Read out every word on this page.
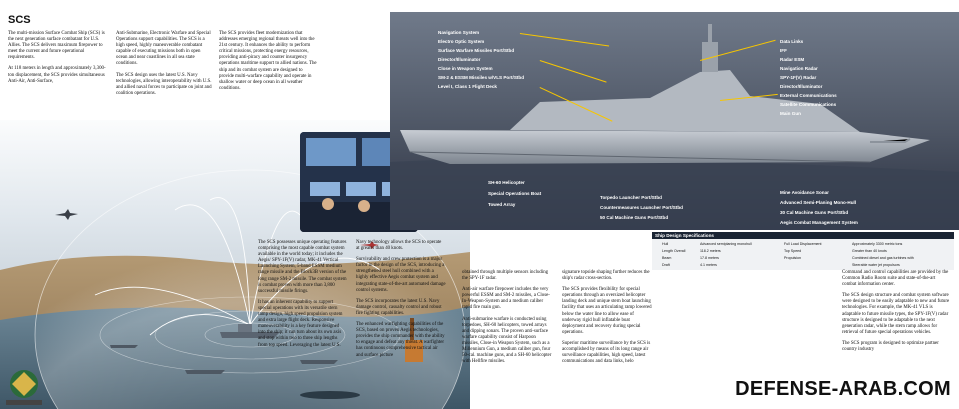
SCS

The multi-mission Surface Combat Ship (SCS) is the next generation surface combatant for U.S. Allies. The SCS delivers maximum firepower to meet the current and future operational requirements.

At 118 meters in length and approximately 3,300-ton displacement, the SCS provides simultaneous Anti-Air, Anti-Surface,

Anti-Submarine, Electronic Warfare and Special Operations support capabilities. The SCS is a high speed, highly maneuverable combatant capable of executing missions both in open ocean and near coastlines in all sea state conditions.

The SCS design uses the latest U.S. Navy technologies, allowing interoperability with U.S. and allied naval forces to participate on joint and coalition operations.

The SCS provides fleet modernization that addresses emerging regional threats well into the 21st century. It enhances the ability to perform critical missions, protecting energy resources, providing anti-piracy and counter insurgency operations maritime support to allied nations. The ship and its combat system are designed to provide multi-warfare capability and operate in shallow water or deep ocean in all weather conditions.

Navigation System
Electro Optic System
Surface Warfare Missiles Port/Stbd
Director/Illuminator
Close in Weapon System
SM-2 & ESSM Missiles w/VLS Port/Stbd
Level I, Class 1 Flight Deck
Data Links
IFF
Radar ESM
Navigation Radar
SPY-1F(V) Radar
Director/Illuminator
External Communications
Satellite Communications
Main Gun
SH-60 Helicopter
Special Operations Boat
Towed Array
Torpedo Launcher Port/Stbd
Countermeasures Launcher Port/Stbd
50 Cal Machine Guns Port/Stbd
Mine Avoidance Sonar
Advanced Semi-Planing Mono-Hull
30 Cal Machine Guns Port/Stbd
Aegis Combat Management System
Ship Design Specifications
Hull	Advanced semiplaning monohull	Full Load Displacement	Approximately 3300 metric tons
Length Overall	118.2 meters	Top Speed	Greater than 40 knots
Beam	17.8 meters	Propulsion	Combined diesel and gas turbines with
Draft	4.1 meters	Steerable water jet propulsors

The SCS possesses unique operating features comprising the most capable combat system available in the world today; it includes the Aegis/ SPY-1F(V) radar, MK-41 Vertical Launching System, 5-band ESSM medium range missile and the Block3B version of the long range SM-2 missile. The combat system is combat proven with more than 3,800 successful missile firings.

It has an inherent capability to support special operations with its versatile stern ramp design, high speed propulsion system and extra large flight deck. Responsive maneuverability is a key feature designed into the ship; it can turn about its own axis and stop within two to three ship lengths from top speed. Leveraging the latest U.S.

Navy technology allows the SCS to operate at greater than 40 knots.

Survivability and crew protection is a major factor in the design of the SCS, introducing a strengthened steel hull combined with a highly effective Aegis combat system and integrating state-of-the-art automated damage control systems.

The SCS incorporates the latest U.S. Navy damage control, casualty control and robust fire fighting capabilities.

The enhanced warfighting capabilities of the SCS, based on proven Aegis technologies, provides the ship commander with the ability to engage and defeat any threat. A warfighter has continuous comprehensive tactical air and surface picture

obtained through multiple sensors including the SPY-1F radar.

Anti-air warfare firepower includes the very powerful ESSM and SM-2 missiles, a Close-In-Weapon-System and a medium caliber rapid fire main gun.

Anti-submarine warfare is conducted using torpedoes, SH-60 helicopters, towed arrays and dipping sonars. The proven anti-surface warfare capability consist of Harpoon missiles, Close-in Weapon System, such as a Millennium Gun, a medium caliber gun, four 50-cal. machine guns, and a SH-60 helicopter with Hellfire missiles.

signature topside shaping further reduces the ship's radar cross-section.

The SCS provides flexibility for special operations through an oversized helicopter landing deck and unique stern boat launching facility that uses an articulating ramp lowered below the water line to allow ease of underway rigid hull inflatable boat deployment and recovery during special operations.

Superior maritime surveillance by the SCS is accomplished by means of its long range air surveillance capabilities, high speed, latest communications and data links, helo

Command and control capabilities are provided by the Common Radio Room suite and state-of-the-art combat information center.

The SCS design structure and combat system software were designed to be easily adaptable to new and future technologies. For example, the MK-41 VLS is adaptable to future missile types, the SPY-1F(V) radar structure is designed to be adaptable to the next generation radar, while the stern ramp allows for retrieval of future special operations vehicles.

The SCS program is designed to optimize partner country industry

DEFENSE-ARAB.COM
